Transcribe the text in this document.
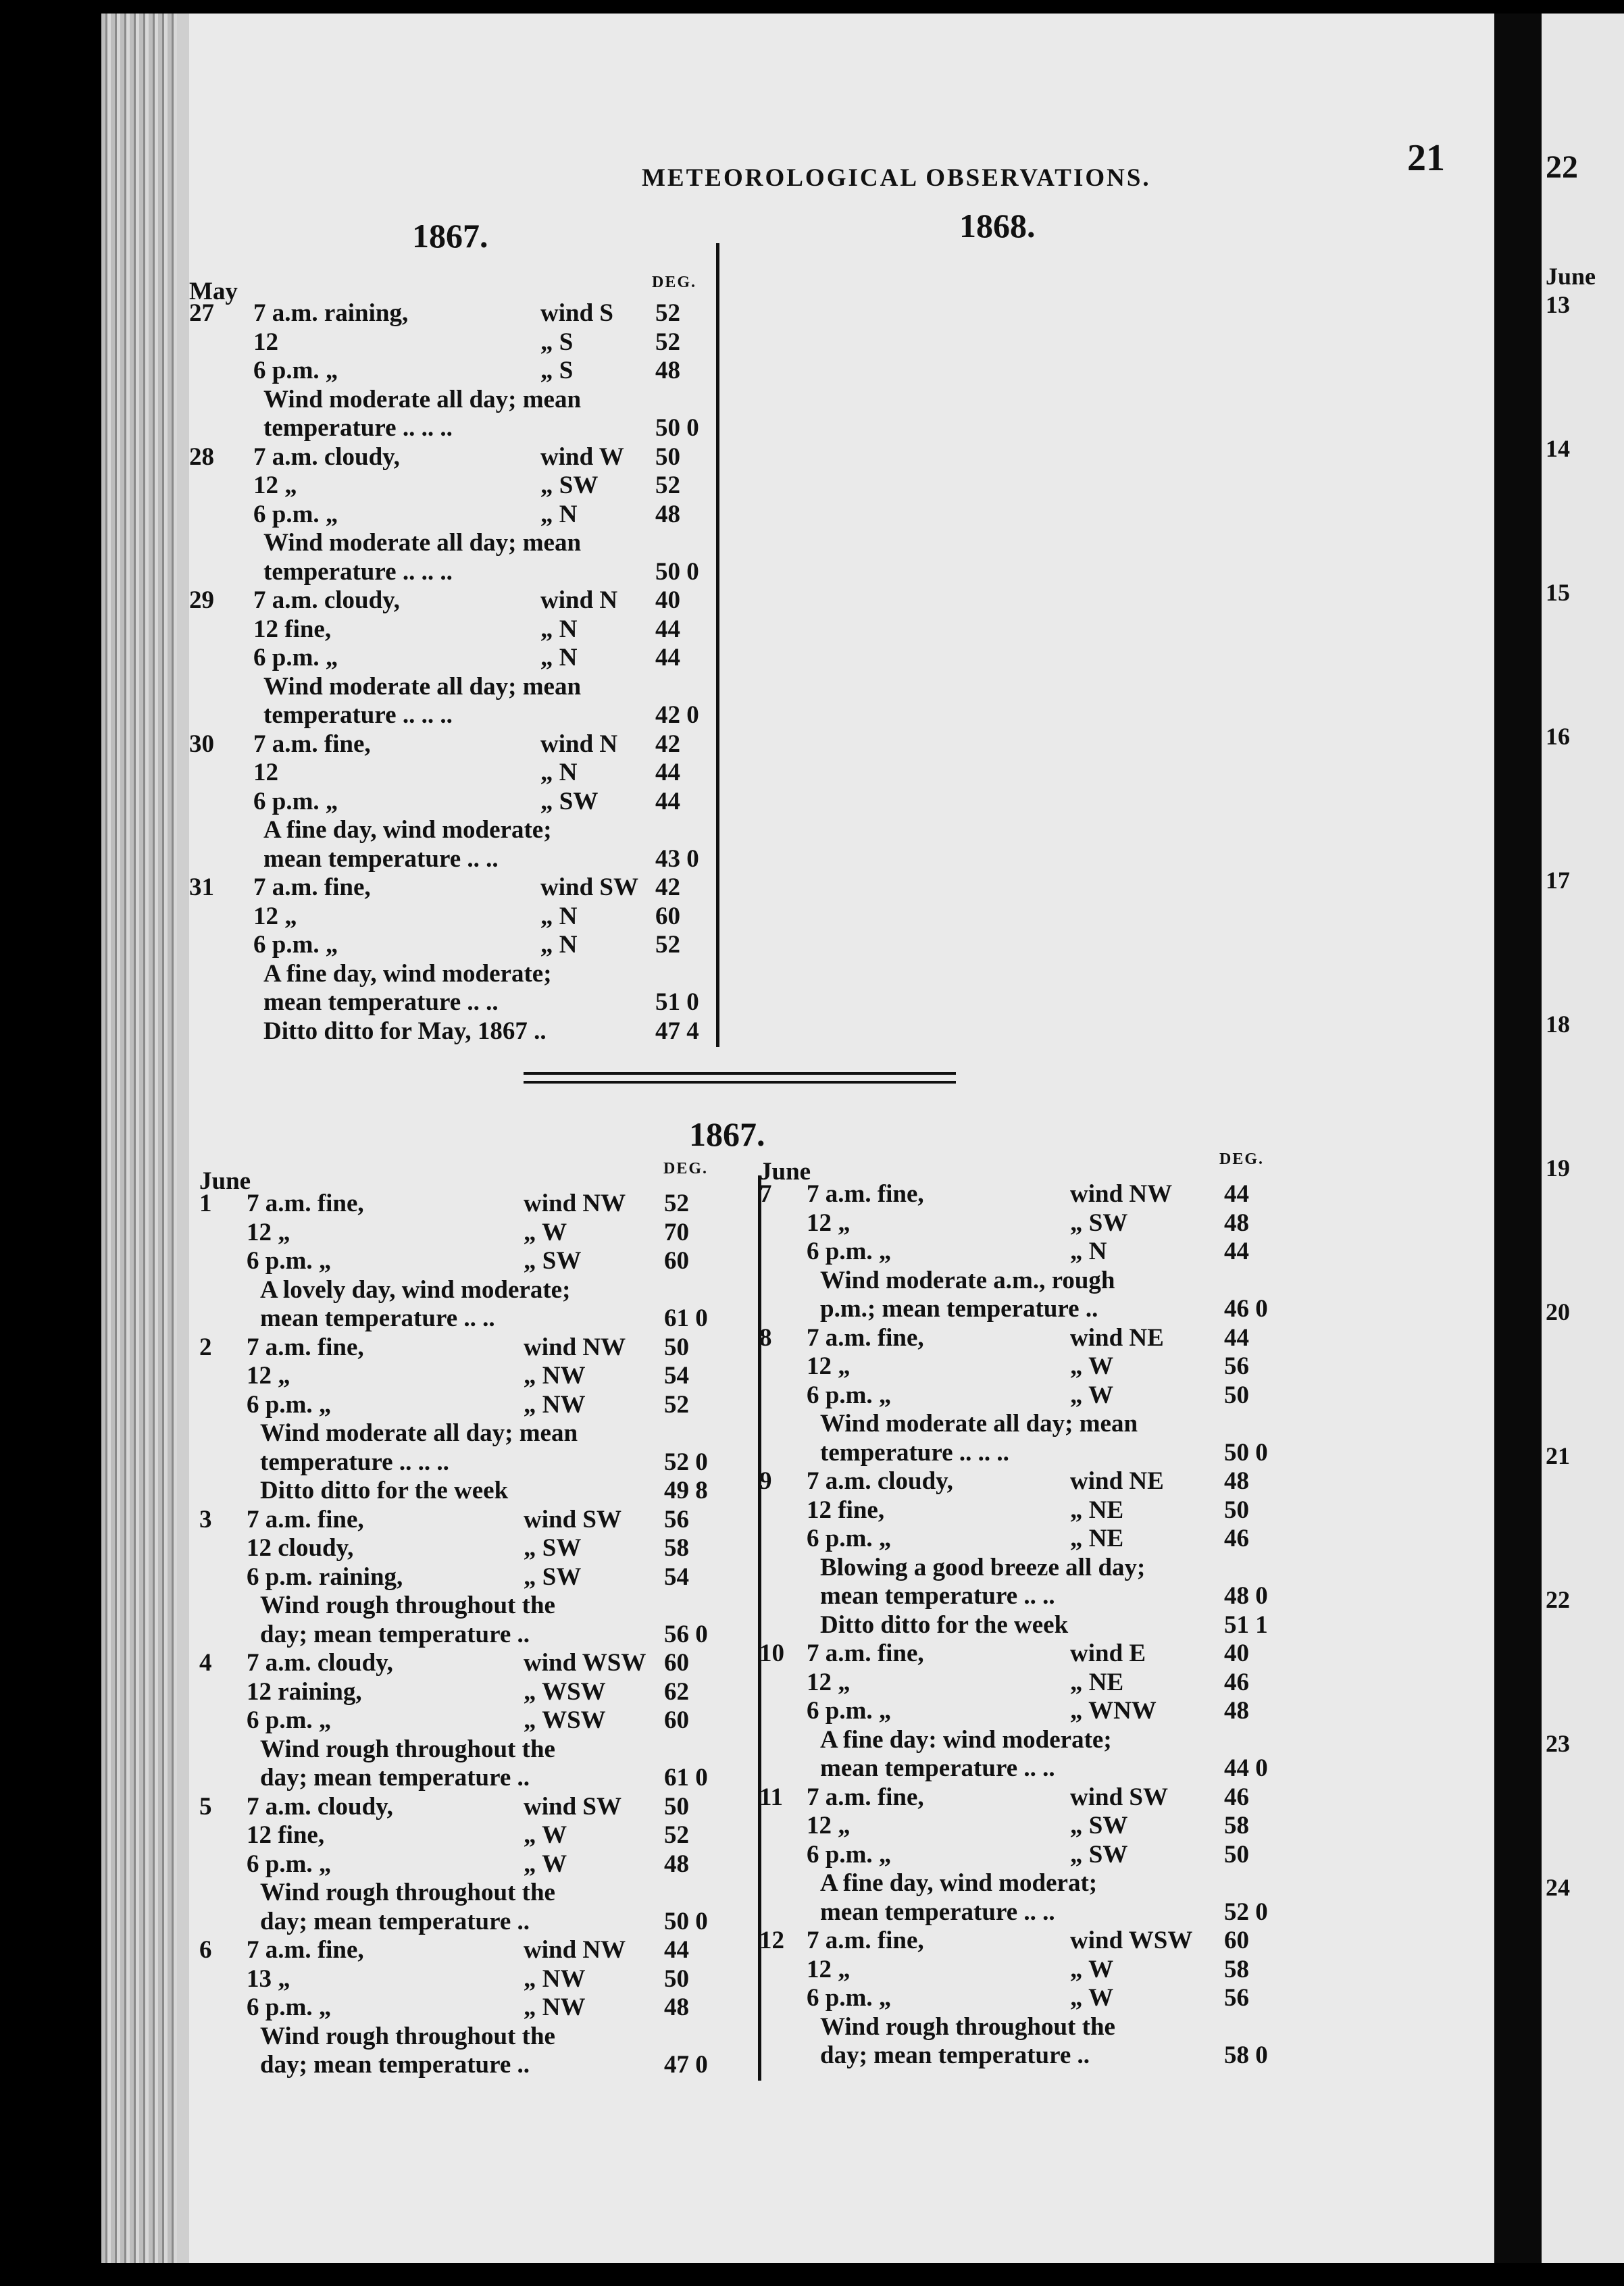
METEOROLOGICAL OBSERVATIONS.	21
1867.	1868.
May	DEG.
27 7 a.m. raining,	wind S 52
12	„ S	52
6 p.m. „	„ S	48
Wind moderate all day; mean
temperature .. .. ..	50 0
28 7 a.m. cloudy,	wind W 50
12 „	„ SW 52
6 p.m. „	„ N	48
Wind moderate all day; mean
temperature .. .. ..	50 0
29 7 a.m. cloudy,	wind N 40
12 fine,	„ N	44
6 p.m. „	„ N	44
Wind moderate all day; mean
temperature .. .. ..	42 0
30 7 a.m. fine,	wind N 42
12	„ N	44
6 p.m. „	„ SW 44
A fine day, wind moderate;
mean temperature .. ..	43 0
31 7 a.m. fine,	wind SW 42
12 „	„ N	60
6 p.m. „	„ N	52
A fine day, wind moderate;
mean temperature .. ..	51 0
Ditto ditto for May, 1867 ..	47 4
1867.
June	DEG.
1 7 a.m. fine,	wind NW 52
12 „	„ W	70
6 p.m. „	„ SW	60
A lovely day, wind moderate;
mean temperature .. ..	61 0
2 7 a.m. fine,	wind NW 50
12 „	„ NW	54
6 p.m. „	„ NW	52
Wind moderate all day; mean
temperature .. .. ..	52 0
Ditto ditto for the week	49 8
3 7 a.m. fine,	wind SW 56
12 cloudy,	„ SW	58
6 p.m. raining,	„ SW	54
Wind rough throughout the
day; mean temperature ..	56 0
4 7 a.m. cloudy,	wind WSW 60
12 raining,	„ WSW 62
6 p.m. „	„ WSW 60
Wind rough throughout the
day; mean temperature ..	61 0
5 7 a.m. cloudy,	wind SW 50
12 fine,	„ W	52
6 p.m. „	„ W	48
Wind rough throughout the
day; mean temperature ..	50 0
6 7 a.m. fine,	wind NW 44
13 „	„ NW	50
6 p.m. „	„ NW	48
Wind rough throughout the
day; mean temperature ..	47 0
June	DEG.
7 7 a.m. fine,	wind NW 44
12 „	„ SW	48
6 p.m. „	„ N	44
Wind moderate a.m., rough
p.m.; mean temperature ..	46 0
8 7 a.m. fine,	wind NE 44
12 „	„ W	56
6 p.m. „	„ W	50
Wind moderate all day; mean
temperature .. .. ..	50 0
9 7 a.m. cloudy,	wind NE 48
12 fine,	„ NE	50
6 p.m. „	„ NE	46
Blowing a good breeze all day;
mean temperature .. ..	48 0
Ditto ditto for the week	51 1
10 7 a.m. fine,	wind E	40
12 „	„ NE	46
6 p.m. „	„ WNW	48
A fine day: wind moderate;
mean temperature .. ..	44 0
11 7 a.m. fine,	wind SW 46
12 „	„ SW	58
6 p.m. „	„ SW	50
A fine day, wind moderat;
mean temperature .. ..	52 0
12 7 a.m. fine,	wind WSW 60
12 „	„ W	58
6 p.m. „	„ W	56
Wind rough throughout the
day; mean temperature ..	58 0
22
June
13
14
15
16
17
18
19
20
21
22
23
24
